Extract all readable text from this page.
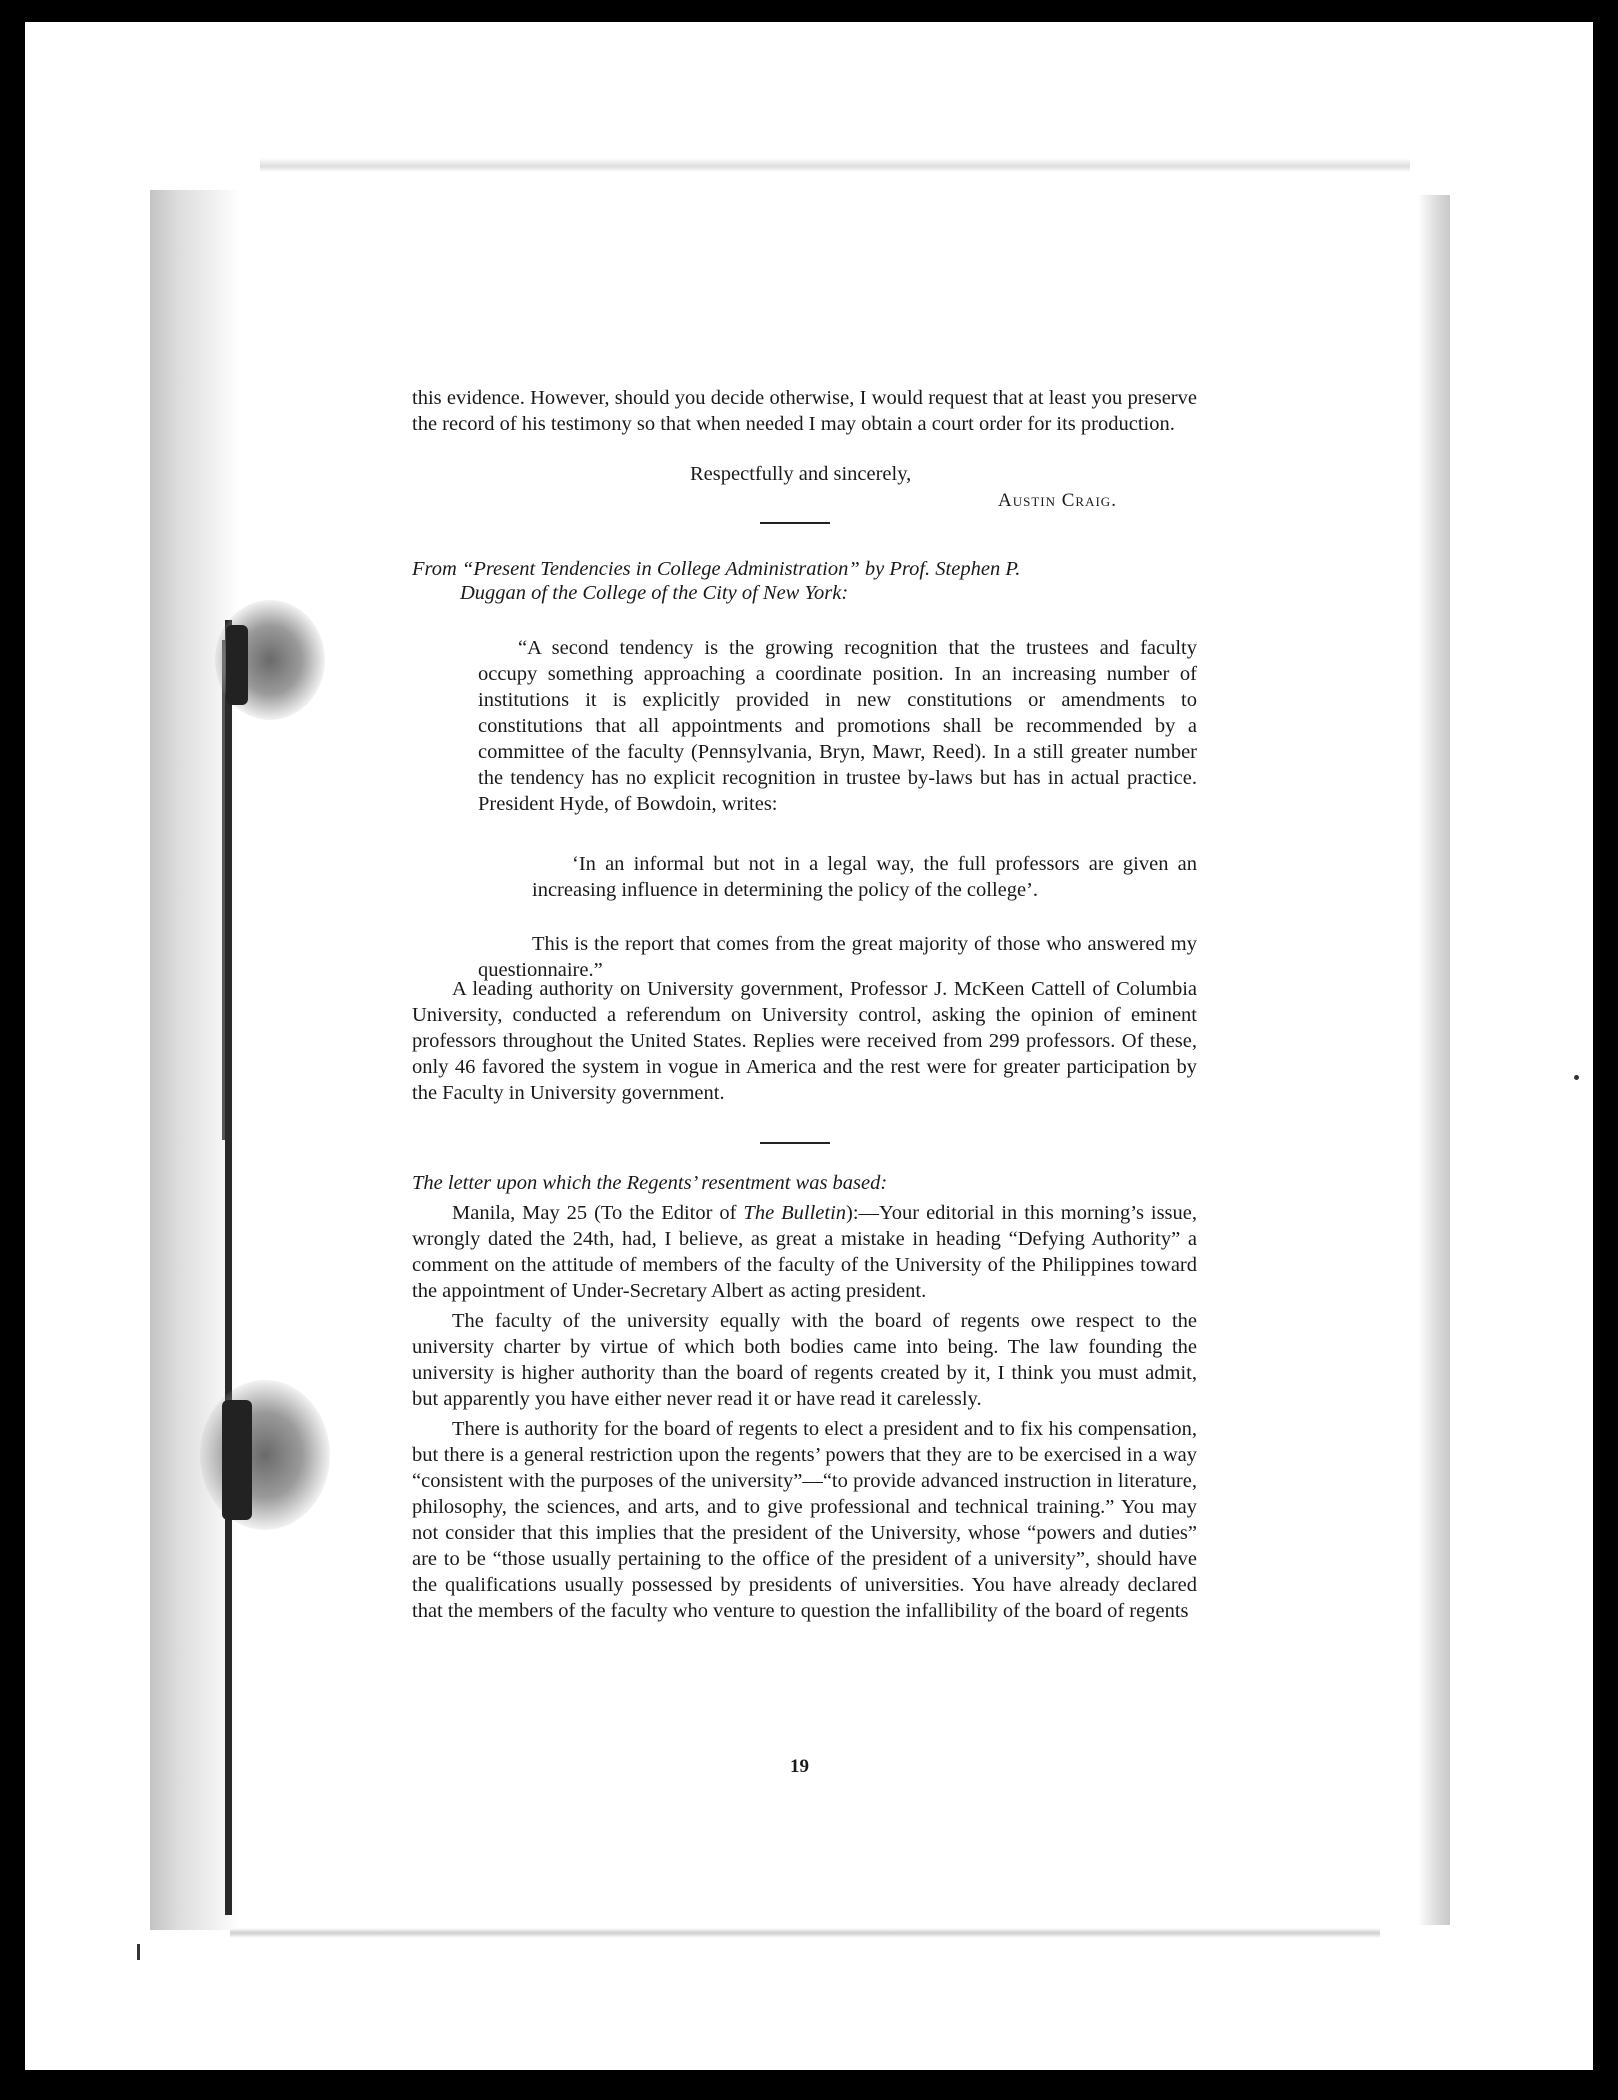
this evidence. However, should you decide otherwise, I would request that at least you preserve the record of his testimony so that when needed I may obtain a court order for its production.

Respectfully and sincerely,
Austin Craig.
From “Present Tendencies in College Administration” by Prof. Stephen P.
Duggan of the College of the City of New York:

“A second tendency is the growing recognition that the trustees and faculty occupy something approaching a coordinate position. In an increasing number of institutions it is explicitly provided in new constitutions or amendments to constitutions that all appointments and promotions shall be recommended by a committee of the faculty (Pennsylvania, Bryn, Mawr, Reed). In a still greater number the tendency has no explicit recognition in trustee by-laws but has in actual practice. President Hyde, of Bowdoin, writes:

‘In an informal but not in a legal way, the full professors are given an increasing influence in determining the policy of the college’.

This is the report that comes from the great majority of those who answered my questionnaire.”

A leading authority on University government, Professor J. McKeen Cattell of Columbia University, conducted a referendum on University control, asking the opinion of eminent professors throughout the United States. Replies were received from 299 professors. Of these, only 46 favored the system in vogue in America and the rest were for greater participation by the Faculty in University government.

The letter upon which the Regents’ resentment was based:

Manila, May 25 (To the Editor of The Bulletin):—Your editorial in this morning’s issue, wrongly dated the 24th, had, I believe, as great a mistake in heading “Defying Authority” a comment on the attitude of members of the faculty of the University of the Philippines toward the appointment of Under-Secretary Albert as acting president.

The faculty of the university equally with the board of regents owe respect to the university charter by virtue of which both bodies came into being. The law founding the university is higher authority than the board of regents created by it, I think you must admit, but apparently you have either never read it or have read it carelessly.

There is authority for the board of regents to elect a president and to fix his compensation, but there is a general restriction upon the regents’ powers that they are to be exercised in a way “consistent with the purposes of the university”—“to provide advanced instruction in literature, philosophy, the sciences, and arts, and to give professional and technical training.” You may not consider that this implies that the president of the University, whose “powers and duties” are to be “those usually pertaining to the office of the president of a university”, should have the qualifications usually possessed by presidents of universities. You have already declared that the members of the faculty who venture to question the infallibility of the board of regents

19
